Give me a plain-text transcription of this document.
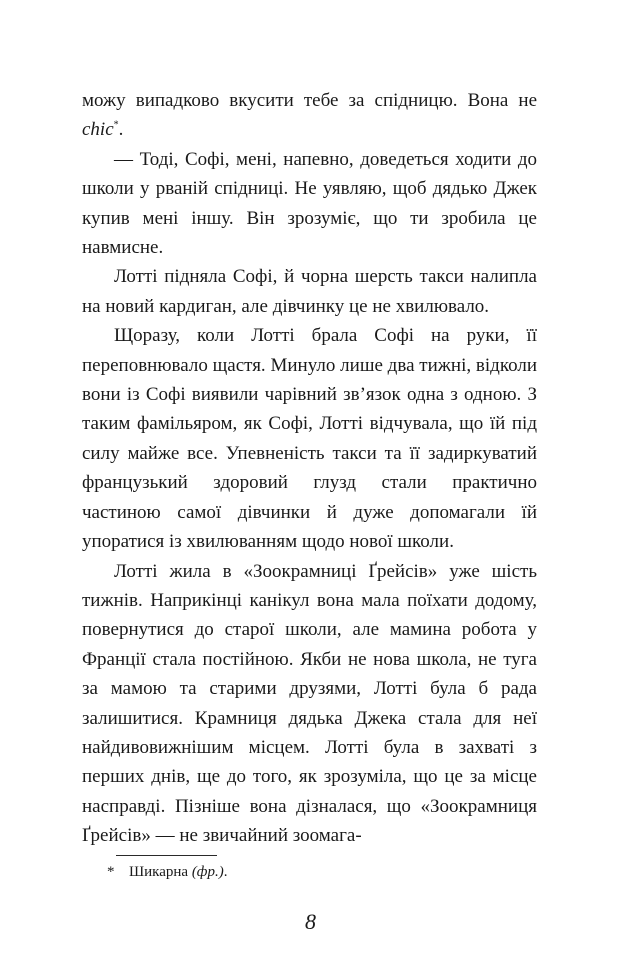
можу випадково вкусити тебе за спідницю. Вона не chic*.

— Тоді, Софі, мені, напевно, доведеться ходити до школи у рваній спідниці. Не уявляю, щоб дядько Джек купив мені іншу. Він зрозуміє, що ти зробила це навмисне.

Лотті підняла Софі, й чорна шерсть такси налипла на новий кардиган, але дівчинку це не хвилювало.

Щоразу, коли Лотті брала Софі на руки, її переповнювало щастя. Минуло лише два тижні, відколи вони із Софі виявили чарівний зв’язок одна з одною. З таким фамільяром, як Софі, Лотті відчувала, що їй під силу майже все. Упевненість такси та її задиркуватий французький здоровий глузд стали практично частиною самої дівчинки й дуже допомагали їй упоратися із хвилюванням щодо нової школи.

Лотті жила в «Зоокрамниці Ґрейсів» уже шість тижнів. Наприкінці канікул вона мала поїхати додому, повернутися до старої школи, але мамина робота у Франції стала постійною. Якби не нова школа, не туга за мамою та старими друзями, Лотті була б рада залишитися. Крамниця дядька Джека стала для неї найдивовижнішим місцем. Лотті була в захваті з перших днів, ще до того, як зрозуміла, що це за місце насправді. Пізніше вона дізналася, що «Зоокрамниця Ґрейсів» — не звичайний зоомага-

* Шикарна (фр.).
8
